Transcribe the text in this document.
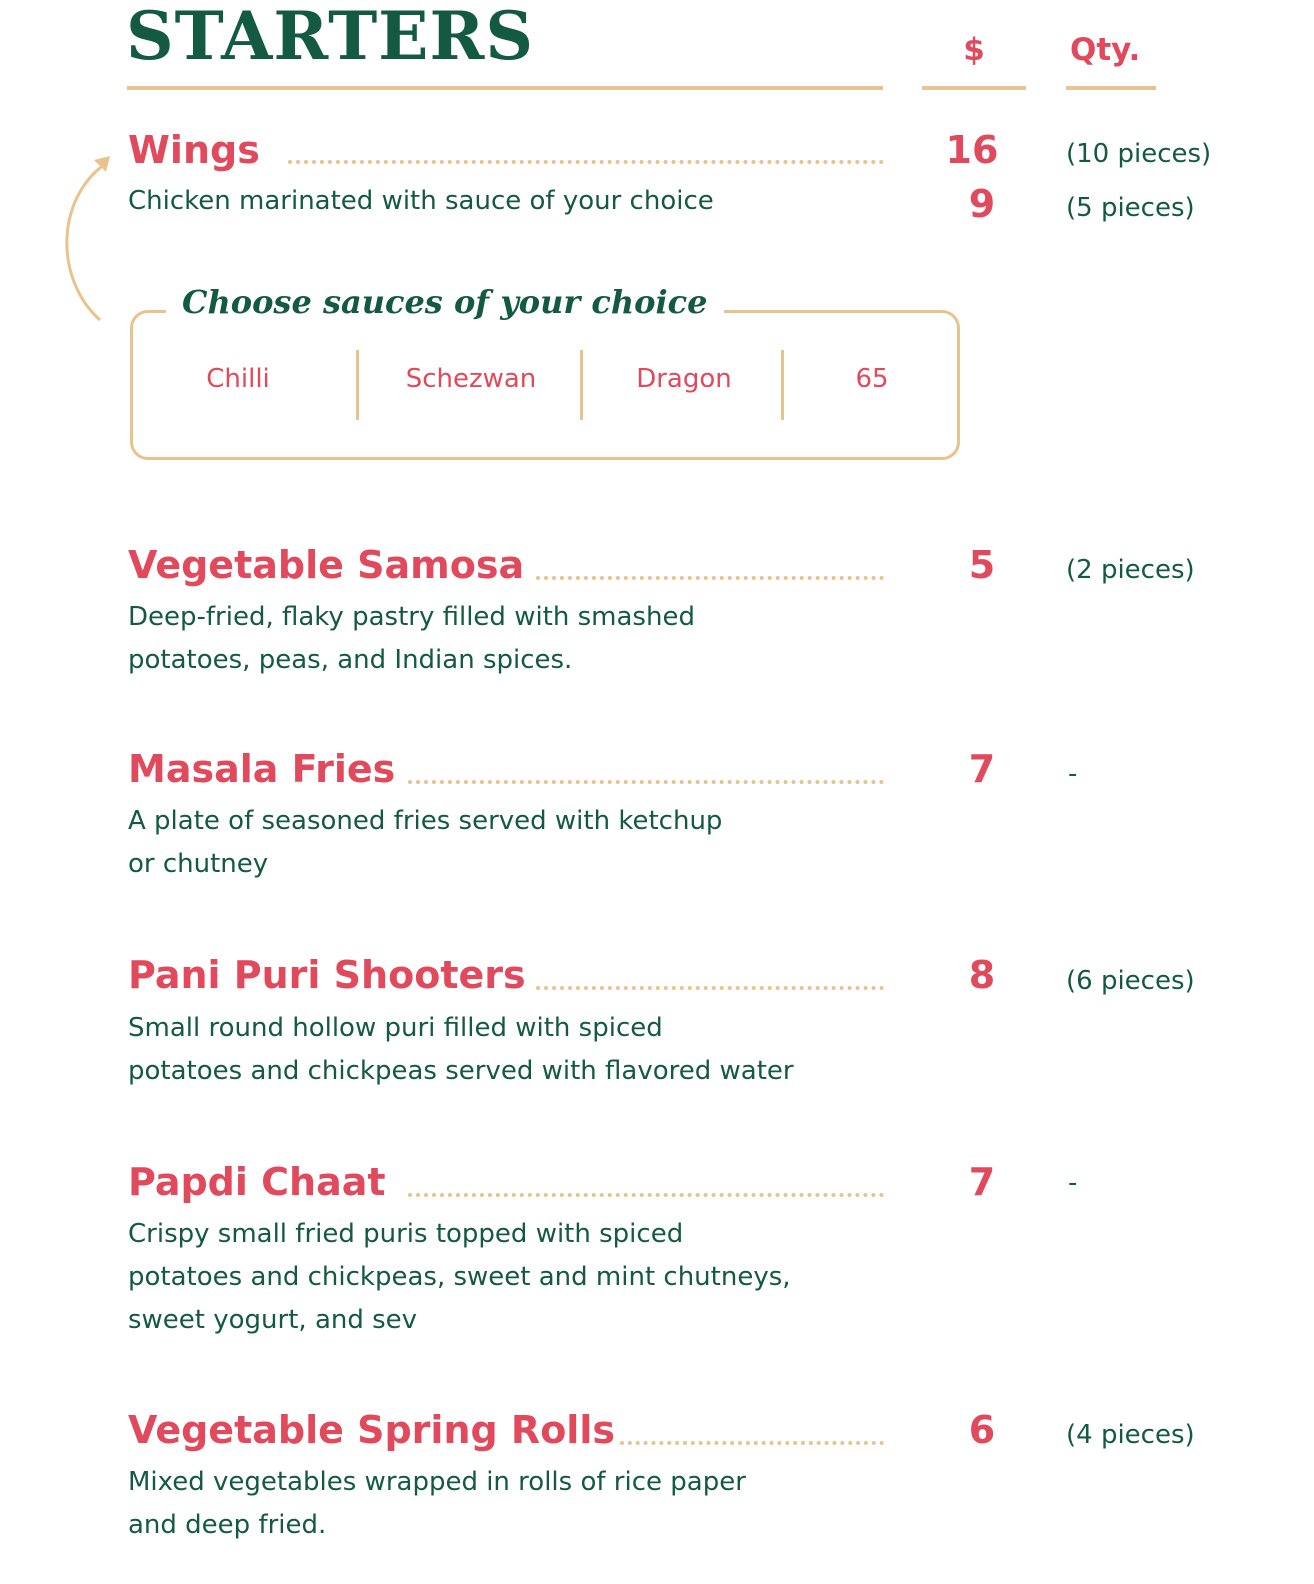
STARTERS	$	Qty.
Wings	16	(10 pieces)
Chicken marinated with sauce of your choice	9	(5 pieces)
Choose sauces of your choice
Chilli	Schezwan	Dragon	65
Vegetable Samosa	5	(2 pieces)
Deep-fried, flaky pastry filled with smashed
potatoes, peas, and Indian spices.
Masala Fries	7	-
A plate of seasoned fries served with ketchup
or chutney
Pani Puri Shooters	8	(6 pieces)
Small round hollow puri filled with spiced
potatoes and chickpeas served with flavored water
Papdi Chaat	7	-
Crispy small fried puris topped with spiced
potatoes and chickpeas, sweet and mint chutneys,
sweet yogurt, and sev
Vegetable Spring Rolls	6	(4 pieces)
Mixed vegetables wrapped in rolls of rice paper
and deep fried.
